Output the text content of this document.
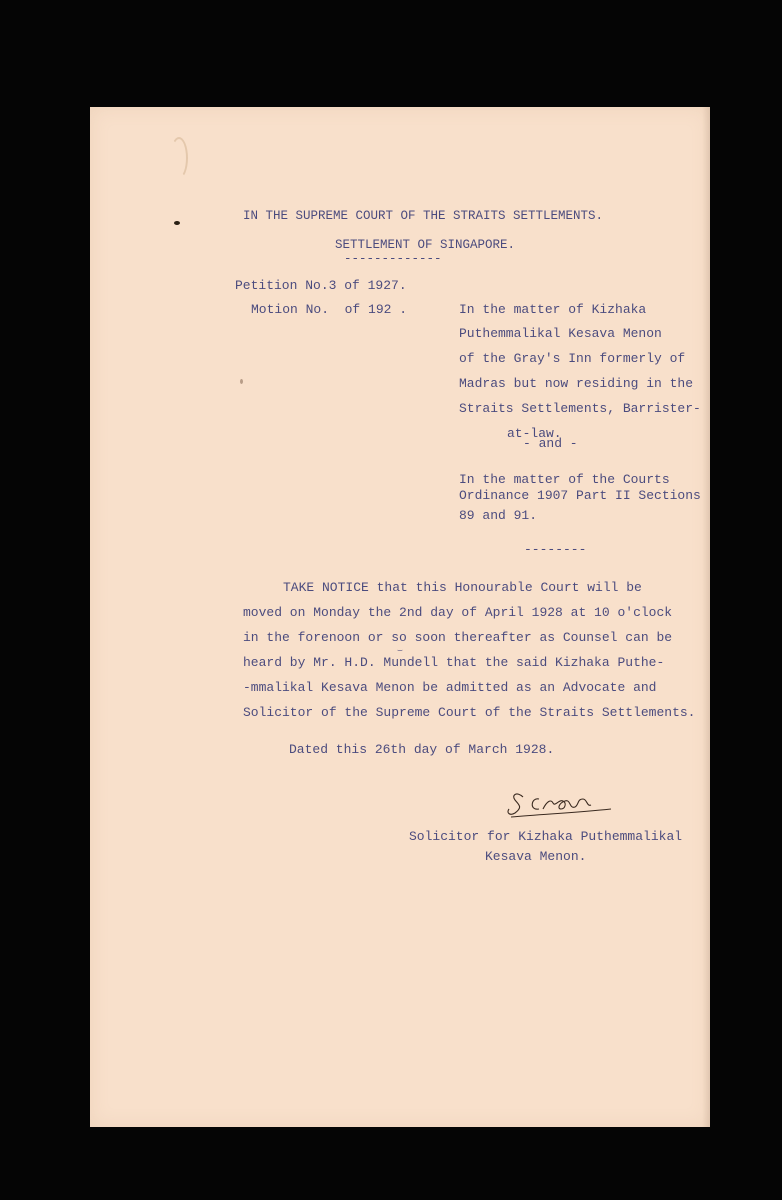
IN THE SUPREME COURT OF THE STRAITS SETTLEMENTS.
SETTLEMENT OF SINGAPORE.
-------------
Petition No.3 of 1927.
Motion No.  of 192 .	In the matter of Kizhaka
Puthemmalikal Kesava Menon
of the Gray's Inn formerly of
Madras but now residing in the
Straits Settlements, Barrister-
at-law.
- and -
In the matter of the Courts
Ordinance 1907 Part II Sections
89 and 91.
--------
TAKE NOTICE that this Honourable Court will be
moved on Monday the 2nd day of April 1928 at 10 o'clock
in the forenoon or so soon thereafter as Counsel can be
⌣
heard by Mr. H.D. Mundell that the said Kizhaka Puthe-
-mmalikal Kesava Menon be admitted as an Advocate and
Solicitor of the Supreme Court of the Straits Settlements.
Dated this 26th day of March 1928.
Solicitor for Kizhaka Puthemmalikal
Kesava Menon.
